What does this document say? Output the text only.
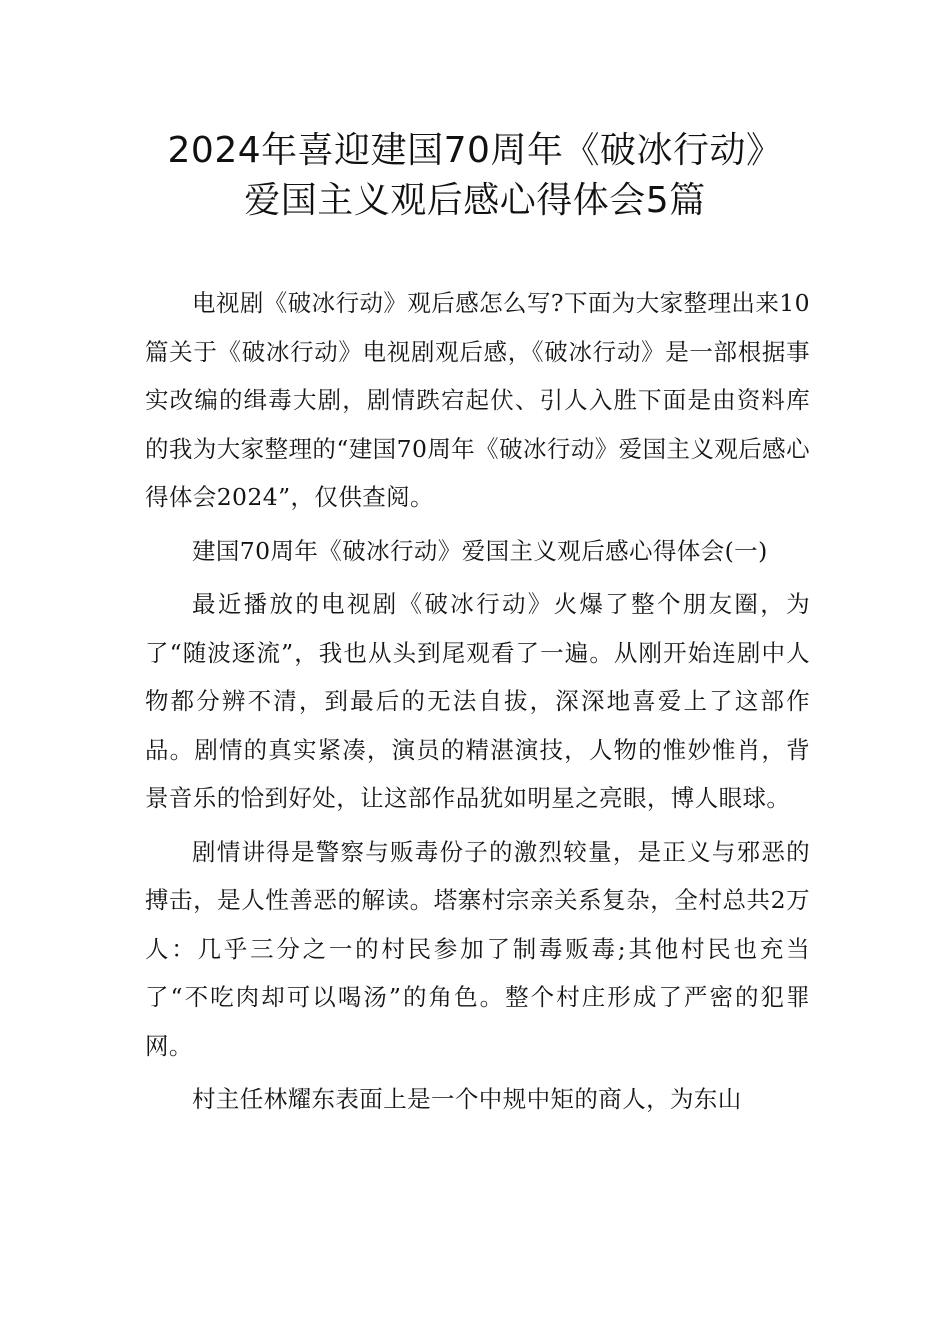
2024年喜迎建国70周年《破冰行动》
爱国主义观后感心得体会5篇

电视剧《破冰行动》观后感怎么写?下面为大家整理出来10篇关于《破冰行动》电视剧观后感，《破冰行动》是一部根据事实改编的缉毒大剧，剧情跌宕起伏、引人入胜下面是由资料库的我为大家整理的“建国70周年《破冰行动》爱国主义观后感心得体会2024”，仅供查阅。

建国70周年《破冰行动》爱国主义观后感心得体会(一)

最近播放的电视剧《破冰行动》火爆了整个朋友圈，为了“随波逐流”，我也从头到尾观看了一遍。从刚开始连剧中人物都分辨不清，到最后的无法自拔，深深地喜爱上了这部作品。剧情的真实紧凑，演员的精湛演技，人物的惟妙惟肖，背景音乐的恰到好处，让这部作品犹如明星之亮眼，博人眼球。

剧情讲得是警察与贩毒份子的激烈较量，是正义与邪恶的搏击，是人性善恶的解读。塔寨村宗亲关系复杂，全村总共2万人：几乎三分之一的村民参加了制毒贩毒;其他村民也充当了“不吃肉却可以喝汤”的角色。整个村庄形成了严密的犯罪网。

村主任林耀东表面上是一个中规中矩的商人，为东山
